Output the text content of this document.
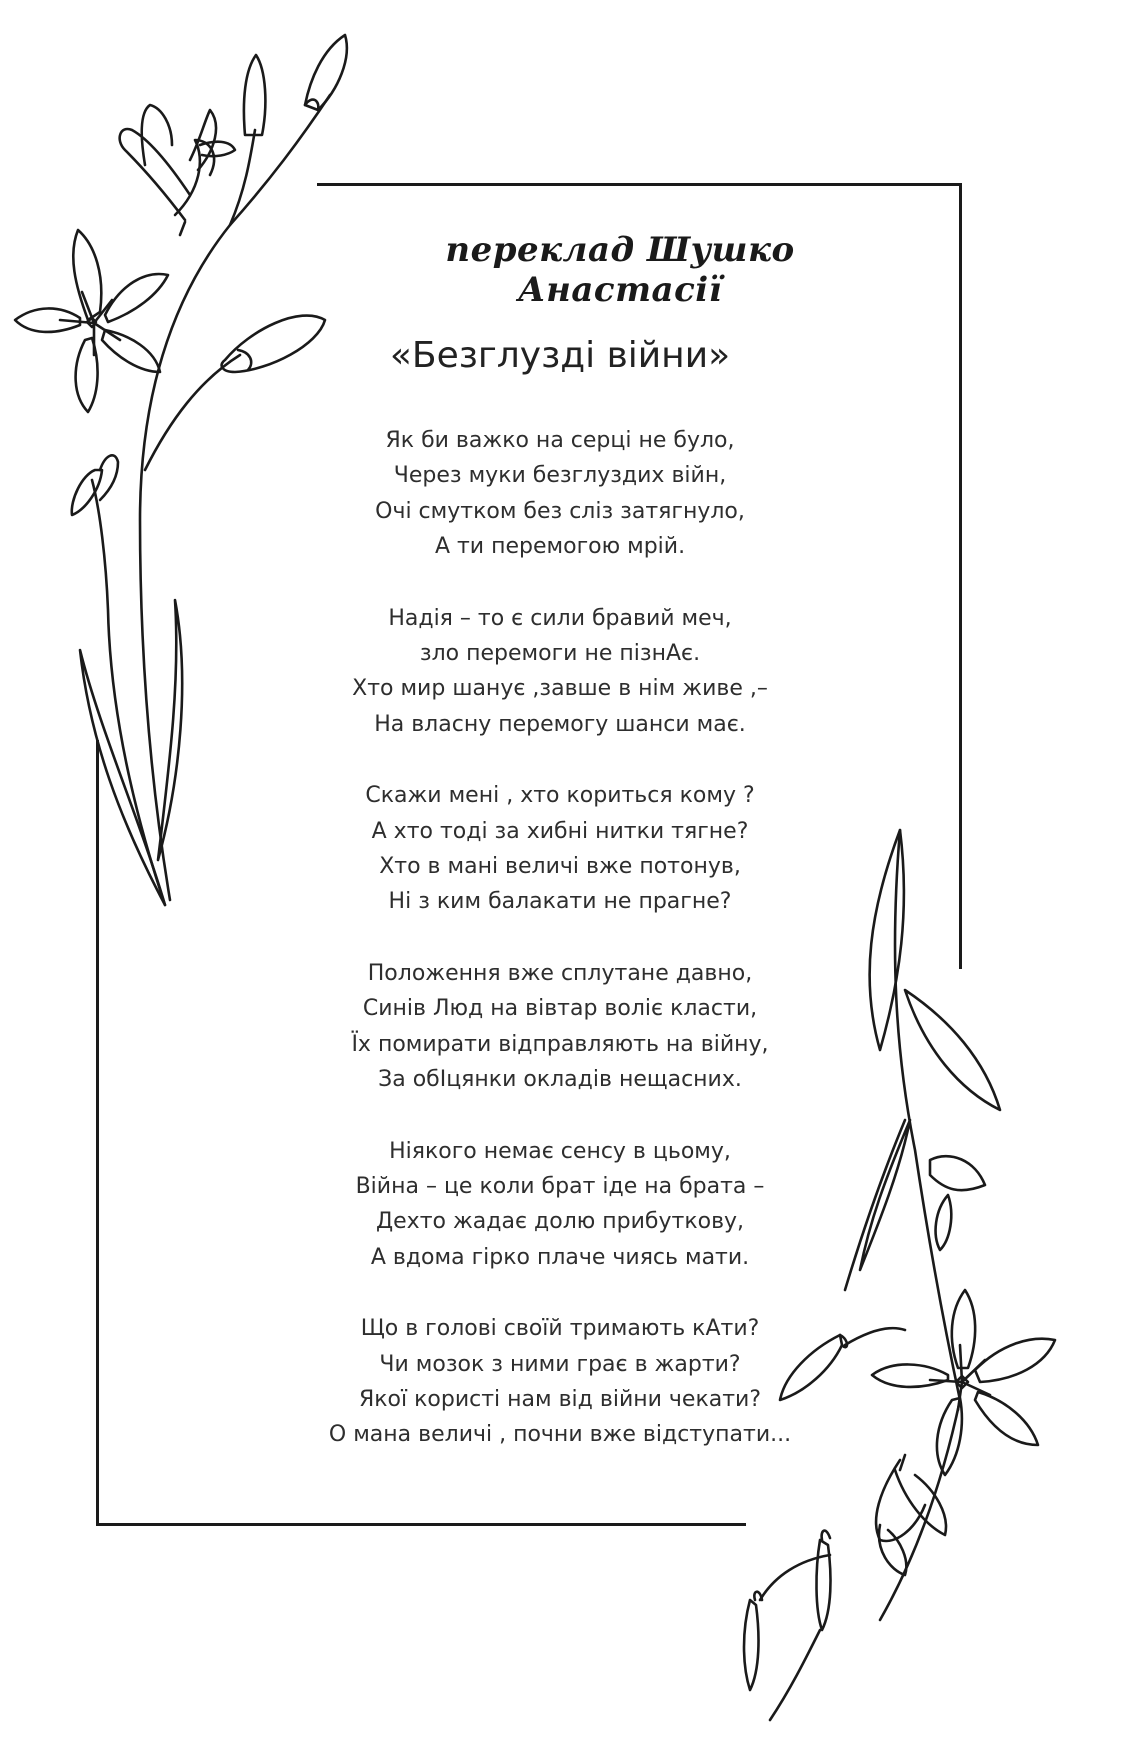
переклад Шушко Анастасії
«Безглузді війни»
Як би важко на серці не було,
Через муки безглуздих війн,
Очі смутком без сліз затягнуло,
А ти перемогою мрій.
Надія – то є сили бравий меч,
зло перемоги не пізнАє.
Хто мир шанує ,завше в нім живе ,–
На власну перемогу шанси має.
Скажи мені , хто кориться кому ?
А хто тоді за хибні нитки тягне?
Хто в мані величі вже потонув,
Ні з ким балакати не прагне?
Положення вже сплутане давно,
Синів Люд на вівтар воліє класти,
Їх помирати відправляють на війну,
За обІцянки окладів нещасних.
Ніякого немає сенсу в цьому,
Війна – це коли брат іде на брата –
Дехто жадає долю прибуткову,
А вдома гірко плаче чиясь мати.
Що в голові своїй тримають кАти?
Чи мозок з ними грає в жарти?
Якої користі нам від війни чекати?
О мана величі , почни вже відступати...
